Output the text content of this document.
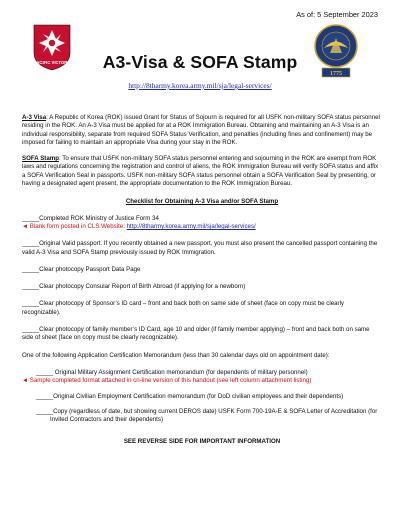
As of: 5 September 2023
PACIFIC VICTORS
1775
A3-Visa & SOFA Stamp
http://8tharmy.korea.army.mil/sja/legal-services/

A-3 Visa: A Republic of Korea (ROK) issued Grant for Status of Sojourn is required for all USFK non-military SOFA status personnel residing in the ROK. An A-3 Visa must be applied for at a ROK Immigration Bureau. Obtaining and maintaining an A-3 Visa is an individual responsibility, separate from required SOFA Status Verification, and penalties (including fines and confinement) may be imposed for failing to maintain an appropriate Visa during your stay in the ROK.

SOFA Stamp: To ensure that USFK non-military SOFA status personnel entering and sojourning in the ROK are exempt from ROK laws and regulations concerning the registration and control of aliens, the ROK Immigration Bureau will verify SOFA status and affix a SOFA Verification Seal in passports. USFK non-military SOFA status personnel obtain a SOFA Verification Seal by presenting, or having a designated agent present, the appropriate documentation to the ROK Immigration Bureau.

Checklist for Obtaining A-3 Visa and/or SOFA Stamp

_____Completed ROK Ministry of Justice Form 34

◄ Blank form posted in CLS Website: http://8tharmy.korea.army.mil/sja/legal-services/

_____Original Valid passport. If you recently obtained a new passport, you must also present the cancelled passport containing the valid A-3 Visa and SOFA Stamp previously issued by ROK Immigration.

_____Clear photocopy Passport Data Page

_____Clear photocopy Consular Report of Birth Abroad (if applying for a newborn)

_____Clear photocopy of Sponsor’s ID card – front and back both on same side of sheet (face on copy must be clearly recognizable).

_____Clear photocopy of family member’s ID Card, age 10 and older (if family member applying) – front and back both on same side of sheet (face on copy must be clearly recognizable).

One of the following Application Certification Memorandum (less than 30 calendar days old on appointment date):

_____ Original Military Assignment Certification memorandum (for dependents of military personnel)

◄ Sample completed format attached in cn-line version of this handout (see left column attachment listing)

_____Original Civilian Employment Certification memorandum (for DoD civilian employees and their dependents)

_____Copy (regardless of date, but showing current DEROS date) USFK Form 700-19A-E & SOFA Letter of Accreditation (for Invited Contractors and their dependents)

SEE REVERSE SIDE FOR IMPORTANT INFORMATION
